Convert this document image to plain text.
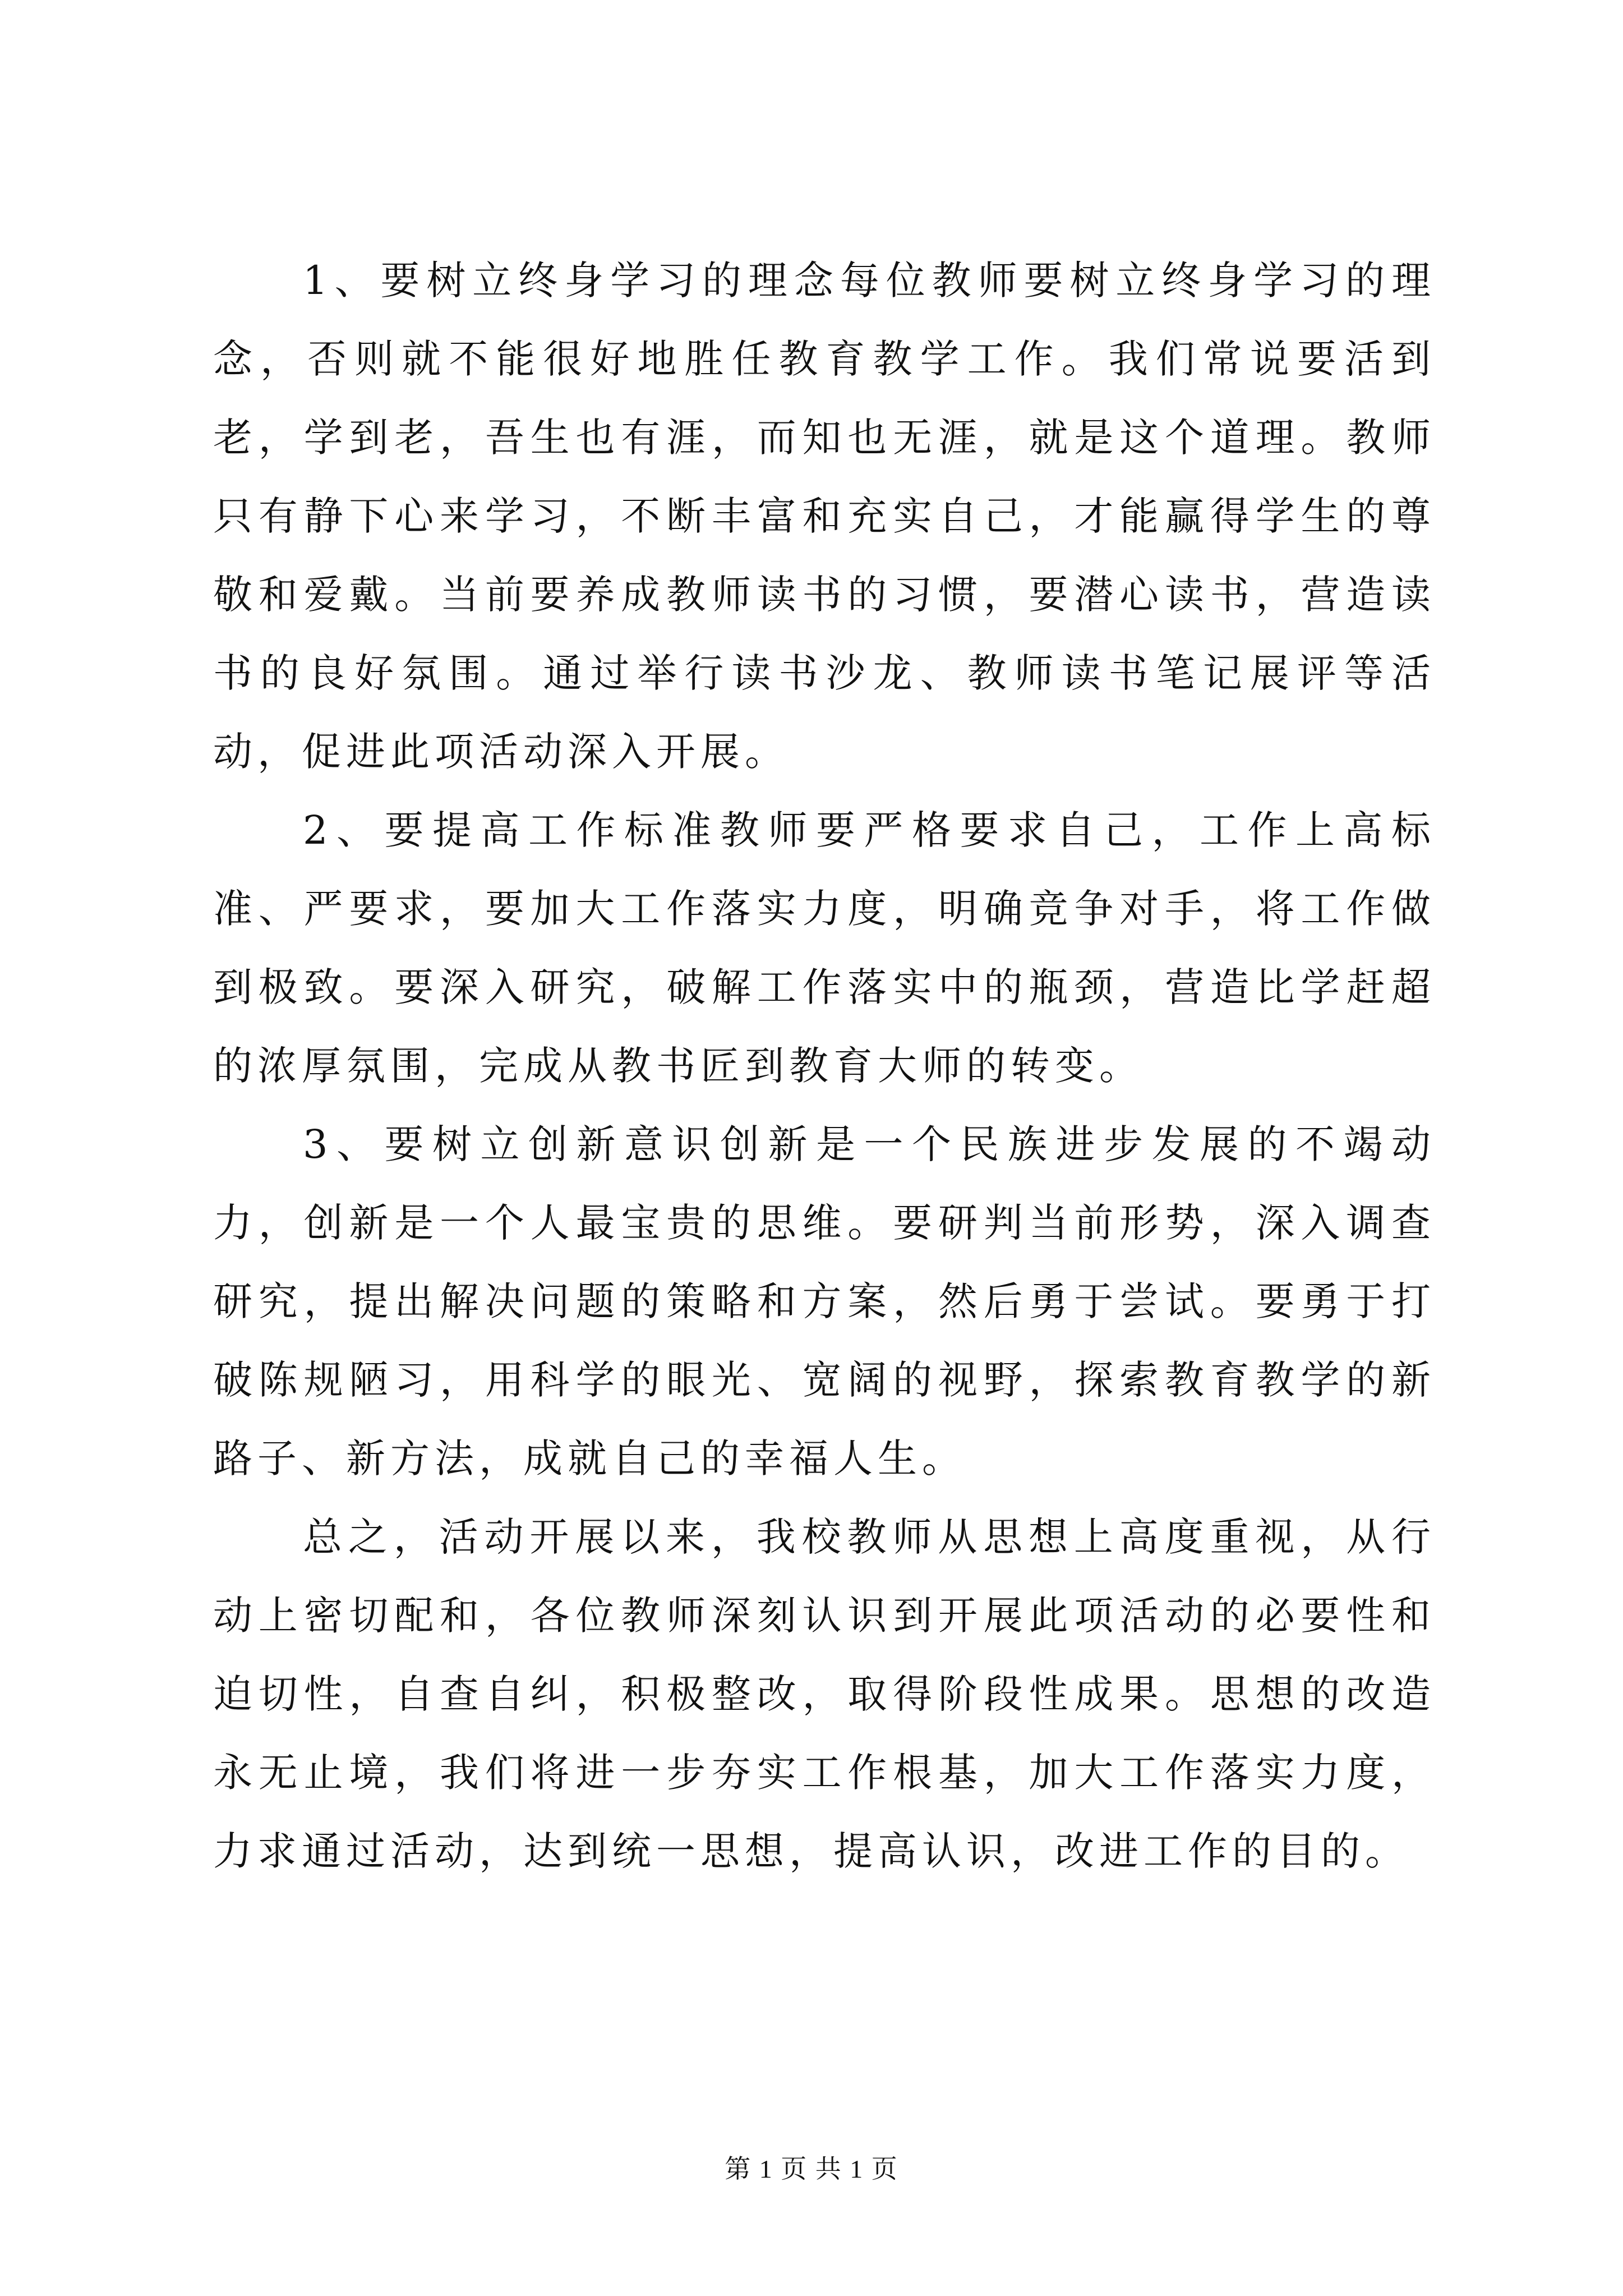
1、要树立终身学习的理念每位教师要树立终身学习的理念，否则就不能很好地胜任教育教学工作。我们常说要活到老，学到老，吾生也有涯，而知也无涯，就是这个道理。教师只有静下心来学习，不断丰富和充实自己，才能赢得学生的尊敬和爱戴。当前要养成教师读书的习惯，要潜心读书，营造读书的良好氛围。通过举行读书沙龙、教师读书笔记展评等活动，促进此项活动深入开展。

2、要提高工作标准教师要严格要求自己，工作上高标准、严要求，要加大工作落实力度，明确竞争对手，将工作做到极致。要深入研究，破解工作落实中的瓶颈，营造比学赶超的浓厚氛围，完成从教书匠到教育大师的转变。

3、要树立创新意识创新是一个民族进步发展的不竭动力，创新是一个人最宝贵的思维。要研判当前形势，深入调查研究，提出解决问题的策略和方案，然后勇于尝试。要勇于打破陈规陋习，用科学的眼光、宽阔的视野，探索教育教学的新路子、新方法，成就自己的幸福人生。

总之，活动开展以来，我校教师从思想上高度重视，从行动上密切配和，各位教师深刻认识到开展此项活动的必要性和迫切性，自查自纠，积极整改，取得阶段性成果。思想的改造永无止境，我们将进一步夯实工作根基，加大工作落实力度，力求通过活动，达到统一思想，提高认识，改进工作的目的。

第 1 页 共 1 页
